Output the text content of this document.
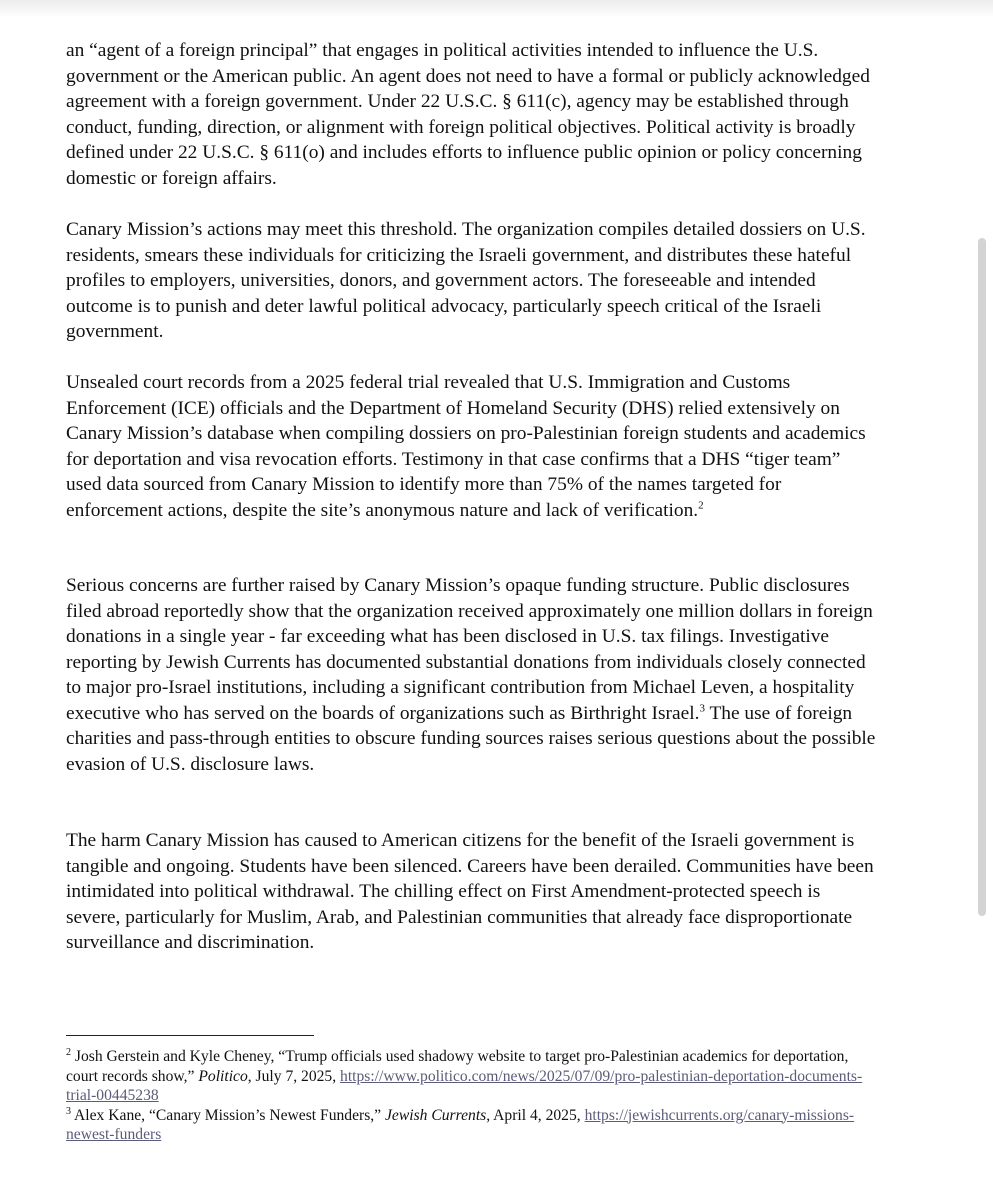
an “agent of a foreign principal” that engages in political activities intended to influence the U.S. government or the American public. An agent does not need to have a formal or publicly acknowledged agreement with a foreign government. Under 22 U.S.C. § 611(c), agency may be established through conduct, funding, direction, or alignment with foreign political objectives. Political activity is broadly defined under 22 U.S.C. § 611(o) and includes efforts to influence public opinion or policy concerning domestic or foreign affairs.

Canary Mission’s actions may meet this threshold. The organization compiles detailed dossiers on U.S. residents, smears these individuals for criticizing the Israeli government, and distributes these hateful profiles to employers, universities, donors, and government actors. The foreseeable and intended outcome is to punish and deter lawful political advocacy, particularly speech critical of the Israeli government.

Unsealed court records from a 2025 federal trial revealed that U.S. Immigration and Customs Enforcement (ICE) officials and the Department of Homeland Security (DHS) relied extensively on Canary Mission’s database when compiling dossiers on pro-Palestinian foreign students and academics for deportation and visa revocation efforts. Testimony in that case confirms that a DHS “tiger team” used data sourced from Canary Mission to identify more than 75% of the names targeted for enforcement actions, despite the site’s anonymous nature and lack of verification.$^2$

Serious concerns are further raised by Canary Mission’s opaque funding structure. Public disclosures filed abroad reportedly show that the organization received approximately one million dollars in foreign donations in a single year - far exceeding what has been disclosed in U.S. tax filings. Investigative reporting by Jewish Currents has documented substantial donations from individuals closely connected to major pro-Israel institutions, including a significant contribution from Michael Leven, a hospitality executive who has served on the boards of organizations such as Birthright Israel.$^3$ The use of foreign charities and pass-through entities to obscure funding sources raises serious questions about the possible evasion of U.S. disclosure laws.

The harm Canary Mission has caused to American citizens for the benefit of the Israeli government is tangible and ongoing. Students have been silenced. Careers have been derailed. Communities have been intimidated into political withdrawal. The chilling effect on First Amendment-protected speech is severe, particularly for Muslim, Arab, and Palestinian communities that already face disproportionate surveillance and discrimination.

$^2$ Josh Gerstein and Kyle Cheney, “Trump officials used shadowy website to target pro-Palestinian academics for deportation, court records show,” Politico, July 7, 2025, https://www.politico.com/news/2025/07/09/pro-palestinian-deportation-documents-trial-00445238

$^3$ Alex Kane, “Canary Mission’s Newest Funders,” Jewish Currents, April 4, 2025, https://jewishcurrents.org/canary-missions-newest-funders
